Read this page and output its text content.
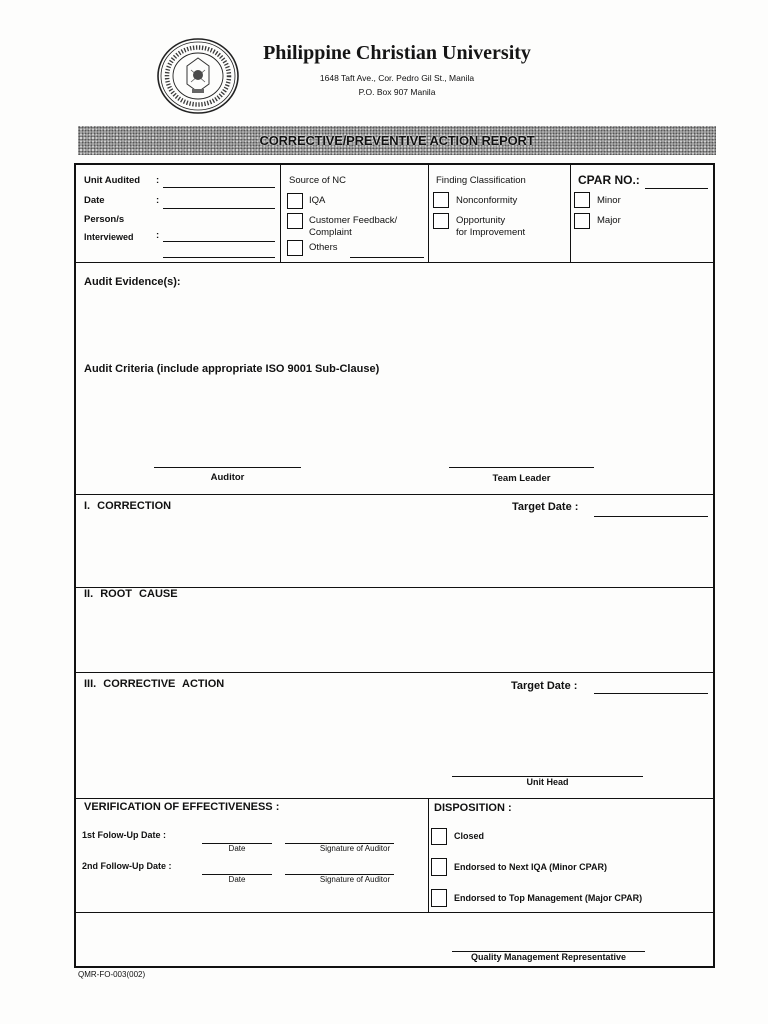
Philippine Christian University
1648 Taft Ave., Cor. Pedro Gil St., Manila
P.O. Box 907 Manila
CORRECTIVE/PREVENTIVE ACTION REPORT
Unit Audited :
Date	:
Person/s
Interviewed :
Source of NC
IQA
Customer Feedback/
Complaint
Others
Finding Classification
Nonconformity
Opportunity
for Improvement
CPAR NO.:
Minor
Major
Audit Evidence(s):
Audit Criteria (include appropriate ISO 9001 Sub-Clause)
Auditor	Team Leader
I. CORRECTION	Target Date :
II. ROOT CAUSE
III. CORRECTIVE ACTION	Target Date :
Unit Head
VERIFICATION OF EFFECTIVENESS :
1st Folow-Up Date :
Date	Signature of Auditor
2nd Follow-Up Date :
Date	Signature of Auditor
DISPOSITION :
Closed
Endorsed to Next IQA (Minor CPAR)
Endorsed to Top Management (Major CPAR)
Quality Management Representative
QMR-FO-003(002)
